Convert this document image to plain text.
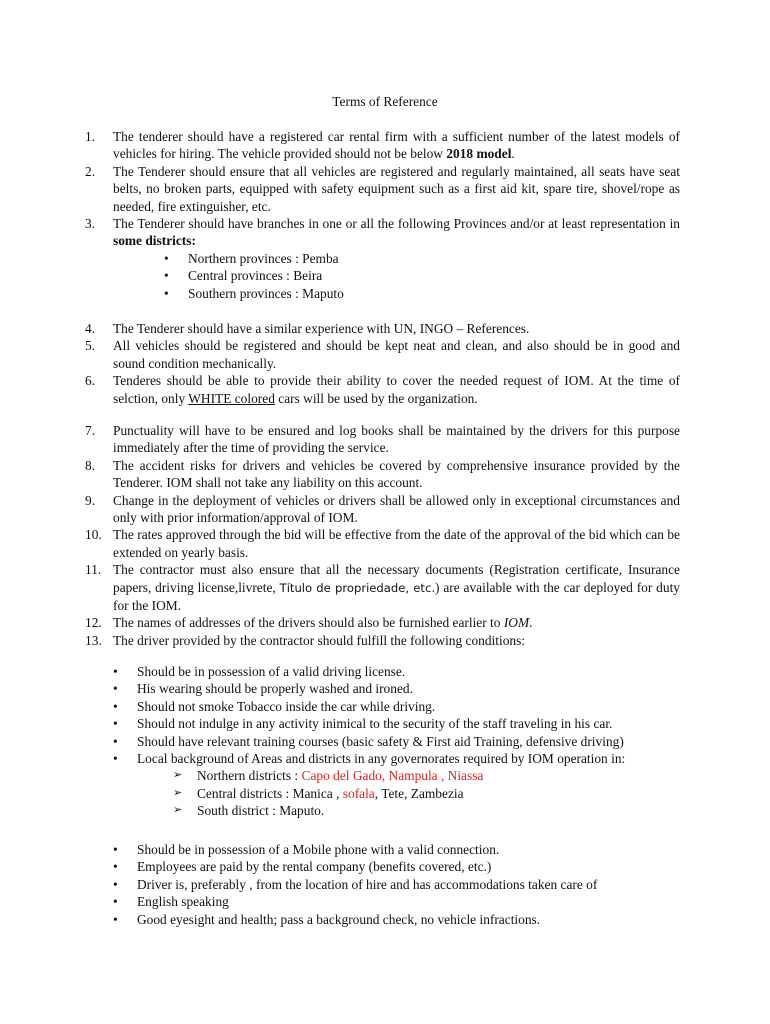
Terms of Reference
1. The tenderer should have a registered car rental firm with a sufficient number of the latest models of vehicles for hiring. The vehicle provided should not be below 2018 model.
2. The Tenderer should ensure that all vehicles are registered and regularly maintained, all seats have seat belts, no broken parts, equipped with safety equipment such as a first aid kit, spare tire, shovel/rope as needed, fire extinguisher, etc.
3. The Tenderer should have branches in one or all the following Provinces and/or at least representation in some districts:
• Northern provinces : Pemba
• Central provinces : Beira
• Southern provinces : Maputo
4. The Tenderer should have a similar experience with UN, INGO – References.
5. All vehicles should be registered and should be kept neat and clean, and also should be in good and sound condition mechanically.
6. Tenderes should be able to provide their ability to cover the needed request of IOM. At the time of selction, only WHITE colored cars will be used by the organization.
7. Punctuality will have to be ensured and log books shall be maintained by the drivers for this purpose immediately after the time of providing the service.
8. The accident risks for drivers and vehicles be covered by comprehensive insurance provided by the Tenderer. IOM shall not take any liability on this account.
9. Change in the deployment of vehicles or drivers shall be allowed only in exceptional circumstances and only with prior information/approval of IOM.
10. The rates approved through the bid will be effective from the date of the approval of the bid which can be extended on yearly basis.
11. The contractor must also ensure that all the necessary documents (Registration certificate, Insurance papers, driving license,livrete, Título de propriedade, etc.) are available with the car deployed for duty for the IOM.
12. The names of addresses of the drivers should also be furnished earlier to IOM.
13. The driver provided by the contractor should fulfill the following conditions:
• Should be in possession of a valid driving license.
• His wearing should be properly washed and ironed.
• Should not smoke Tobacco inside the car while driving.
• Should not indulge in any activity inimical to the security of the staff traveling in his car.
• Should have relevant training courses (basic safety & First aid Training, defensive driving)
• Local background of Areas and districts in any governorates required by IOM operation in:
➢ Northern districts : Capo del Gado, Nampula , Niassa
➢ Central districts : Manica , sofala, Tete, Zambezia
➢ South district : Maputo.
• Should be in possession of a Mobile phone with a valid connection.
• Employees are paid by the rental company (benefits covered, etc.)
• Driver is, preferably , from the location of hire and has accommodations taken care of
• English speaking
• Good eyesight and health; pass a background check, no vehicle infractions.
